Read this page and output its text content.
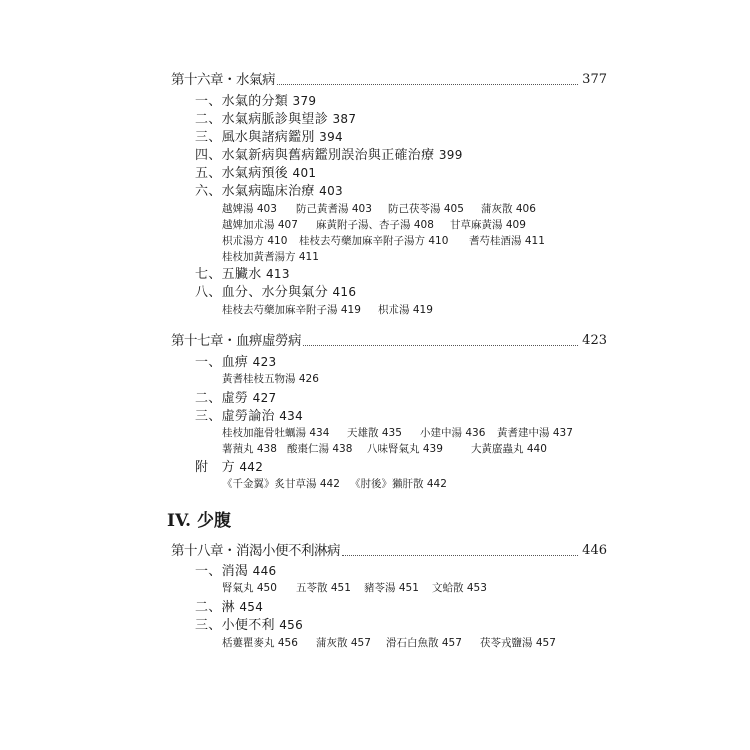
第十六章・水氣病	377
一、水氣的分類 379
二、水氣病脈診與望診 387
三、風水與諸病鑑別 394
四、水氣新病與舊病鑑別誤治與正確治療 399
五、水氣病預後 401
六、水氣病臨床治療 403
越婢湯 403 防己黃耆湯 403 防己茯苓湯 405 蒲灰散 406
越婢加朮湯 407 麻黃附子湯、杏子湯 408 甘草麻黃湯 409
枳朮湯方 410 桂枝去芍藥加麻辛附子湯方 410 耆芍桂酒湯 411
桂枝加黃耆湯方 411
七、五臟水 413
八、血分、水分與氣分 416
桂枝去芍藥加麻辛附子湯 419 枳朮湯 419
第十七章・血痹虛勞病	423
一、血痹 423
黃耆桂枝五物湯 426
二、虛勞 427
三、虛勞論治 434
桂枝加龍骨牡蠣湯 434 天雄散 435 小建中湯 436 黃耆建中湯 437
薯蕷丸 438 酸棗仁湯 438 八味腎氣丸 439	大黃䗪蟲丸 440
附　方 442
《千金翼》炙甘草湯 442 《肘後》獺肝散 442
IV. 少腹
第十八章・消渴小便不利淋病	446
一、消渴 446
腎氣丸 450 五苓散 451 豬苓湯 451 文蛤散 453
二、淋 454
三、小便不利 456
栝蔞瞿麥丸 456 蒲灰散 457 滑石白魚散 457 茯苓戎鹽湯 457
